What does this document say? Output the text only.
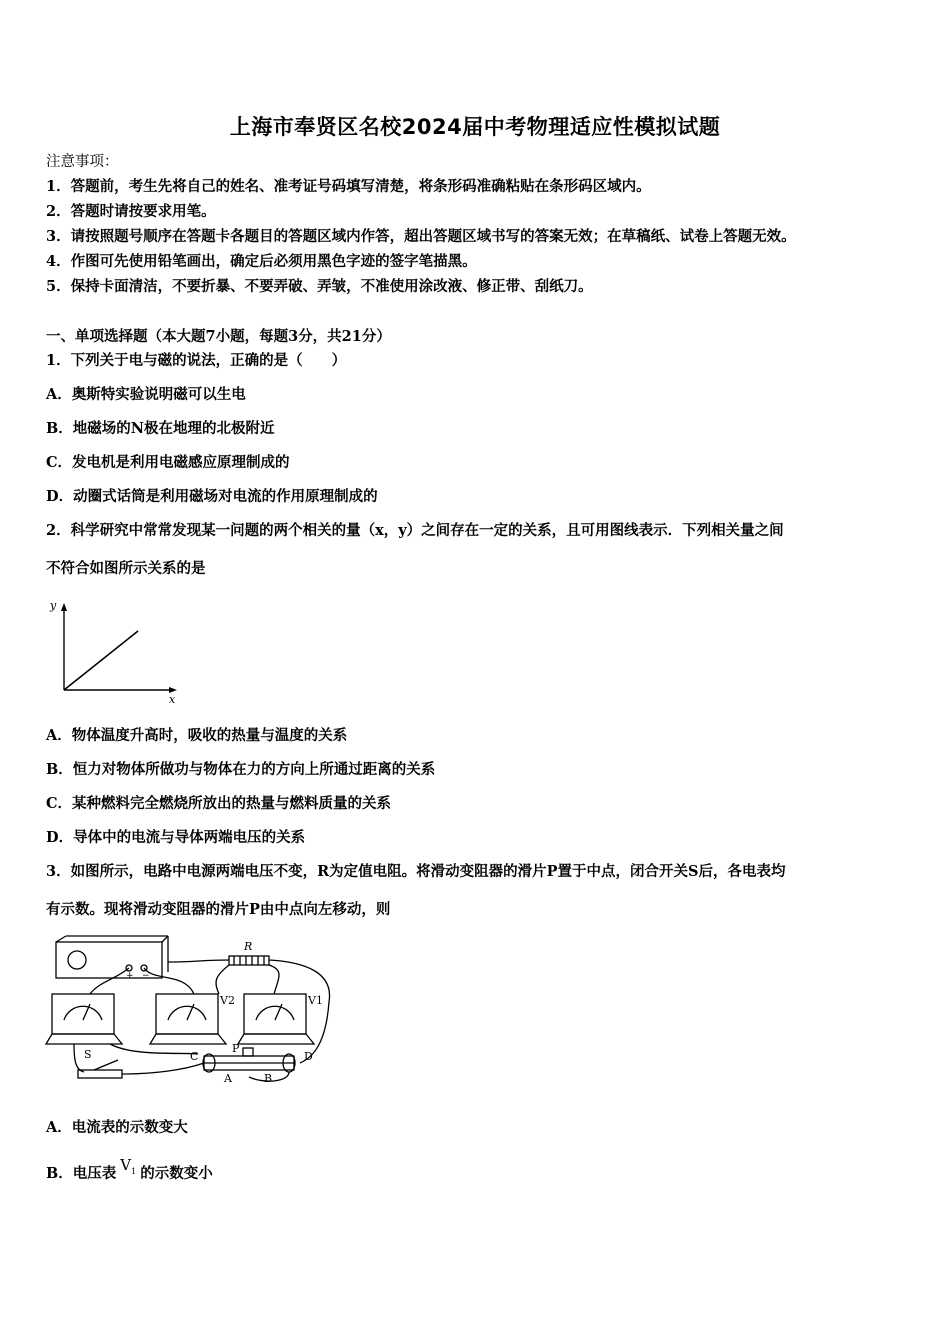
上海市奉贤区名校2024届中考物理适应性模拟试题
注意事项：
1．答题前，考生先将自己的姓名、准考证号码填写清楚，将条形码准确粘贴在条形码区域内。
2．答题时请按要求用笔。
3．请按照题号顺序在答题卡各题目的答题区域内作答，超出答题区域书写的答案无效；在草稿纸、试卷上答题无效。
4．作图可先使用铅笔画出，确定后必须用黑色字迹的签字笔描黑。
5．保持卡面清洁，不要折暴、不要弄破、弄皱，不准使用涂改液、修正带、刮纸刀。
一、单项选择题（本大题7小题，每题3分，共21分）
1．下列关于电与磁的说法，正确的是（　　）
A．奥斯特实验说明磁可以生电
B．地磁场的N极在地理的北极附近
C．发电机是利用电磁感应原理制成的
D．动圈式话筒是利用磁场对电流的作用原理制成的
2．科学研究中常常发现某一问题的两个相关的量（x，y）之间存在一定的关系，且可用图线表示．下列相关量之间
不符合如图所示关系的是
y
x
A．物体温度升高时，吸收的热量与温度的关系
B．恒力对物体所做功与物体在力的方向上所通过距离的关系
C．某种燃料完全燃烧所放出的热量与燃料质量的关系
D．导体中的电流与导体两端电压的关系
3．如图所示，电路中电源两端电压不变，R为定值电阻。将滑动变阻器的滑片P置于中点，闭合开关S后，各电表均
有示数。现将滑动变阻器的滑片P由中点向左移动，则
R
V2	V1
S	C
P
D
A	B
+ −
A．电流表的示数变大
B．电压表 $V_1$ 的示数变小
